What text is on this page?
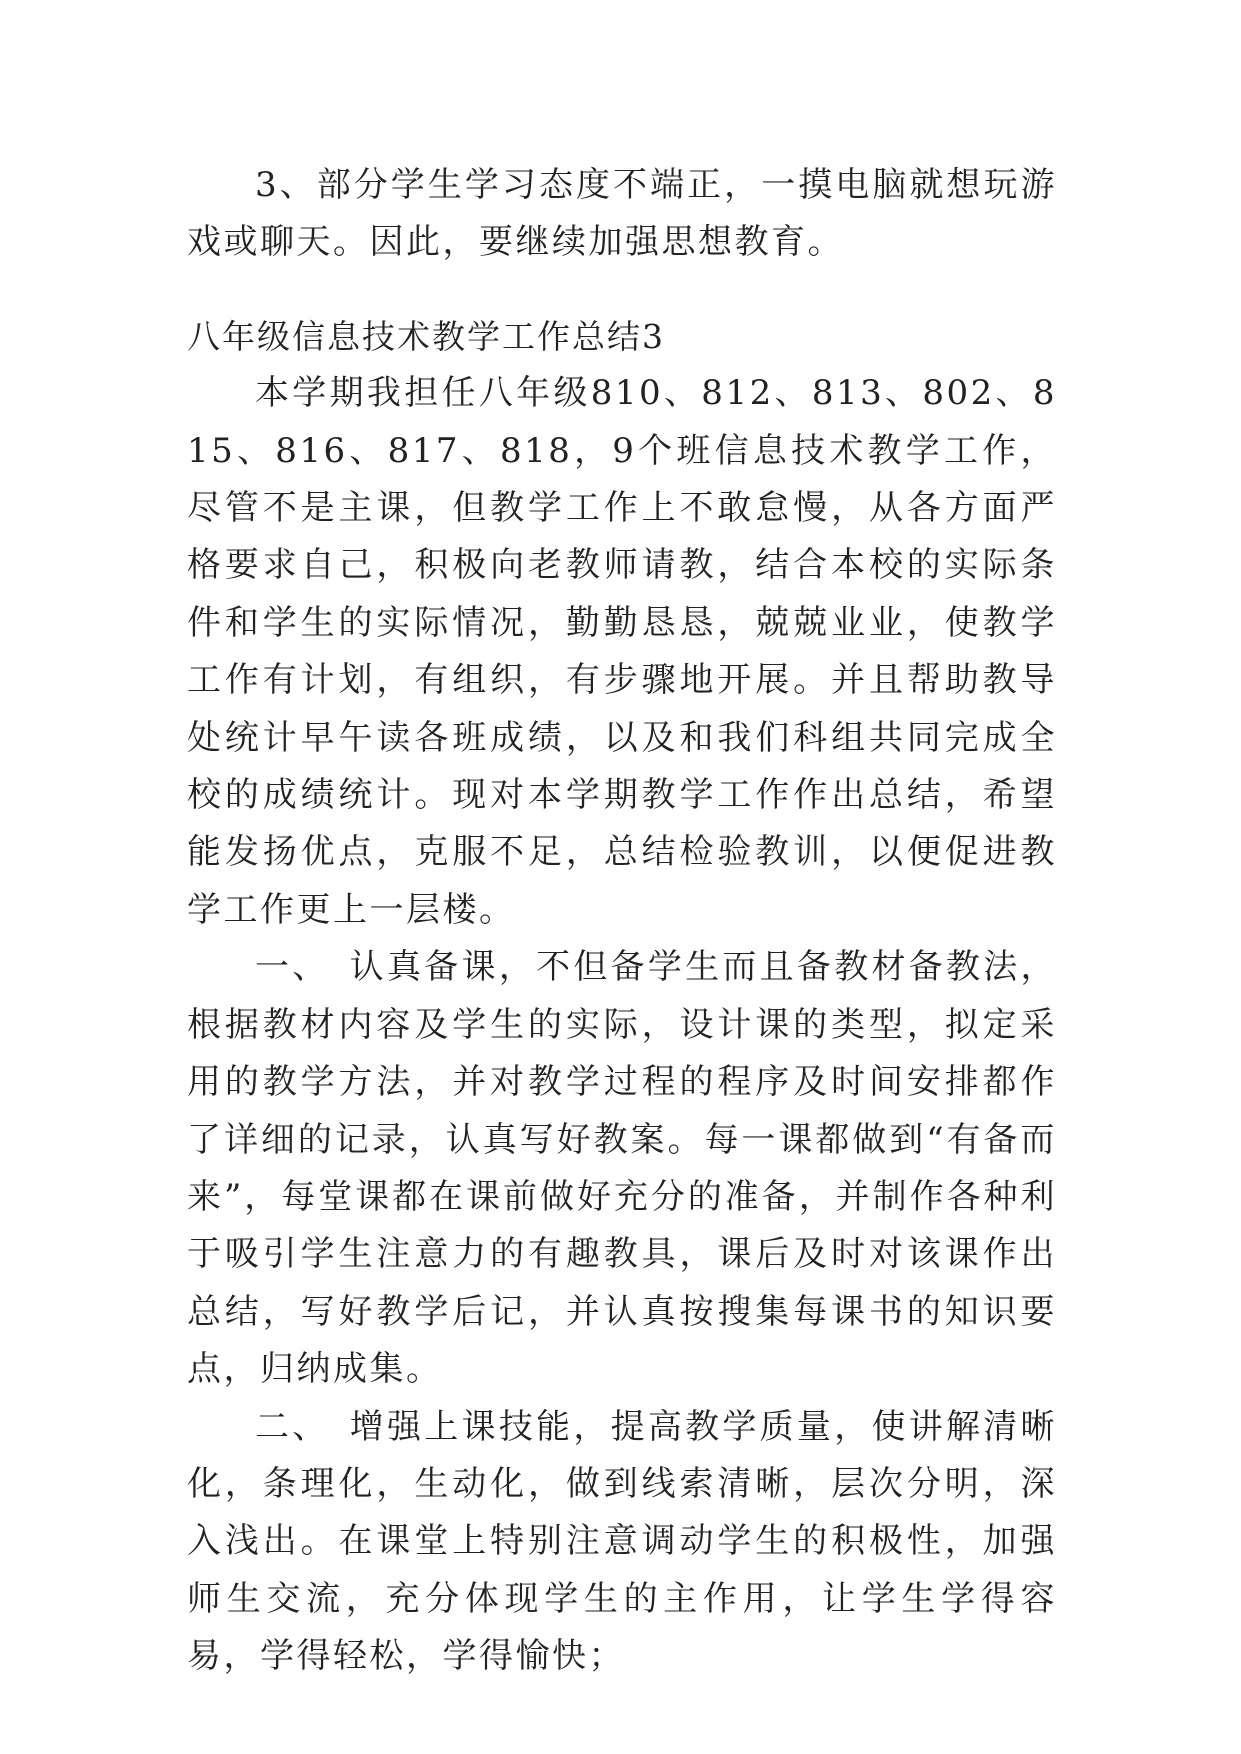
3、部分学生学习态度不端正，一摸电脑就想玩游戏或聊天。因此，要继续加强思想教育。

八年级信息技术教学工作总结3

本学期我担任八年级810、812、813、802、815、816、817、818，9个班信息技术教学工作，尽管不是主课，但教学工作上不敢怠慢，从各方面严格要求自己，积极向老教师请教，结合本校的实际条件和学生的实际情况，勤勤恳恳，兢兢业业，使教学工作有计划，有组织，有步骤地开展。并且帮助教导处统计早午读各班成绩，以及和我们科组共同完成全校的成绩统计。现对本学期教学工作作出总结，希望能发扬优点，克服不足，总结检验教训，以便促进教学工作更上一层楼。

一、　认真备课，不但备学生而且备教材备教法，根据教材内容及学生的实际，设计课的类型，拟定采用的教学方法，并对教学过程的程序及时间安排都作了详细的记录，认真写好教案。每一课都做到“有备而来”，每堂课都在课前做好充分的准备，并制作各种利于吸引学生注意力的有趣教具，课后及时对该课作出总结，写好教学后记，并认真按搜集每课书的知识要点，归纳成集。

二、　增强上课技能，提高教学质量，使讲解清晰化，条理化，生动化，做到线索清晰，层次分明，深入浅出。在课堂上特别注意调动学生的积极性，加强师生交流，充分体现学生的主作用，让学生学得容易，学得轻松，学得愉快；
